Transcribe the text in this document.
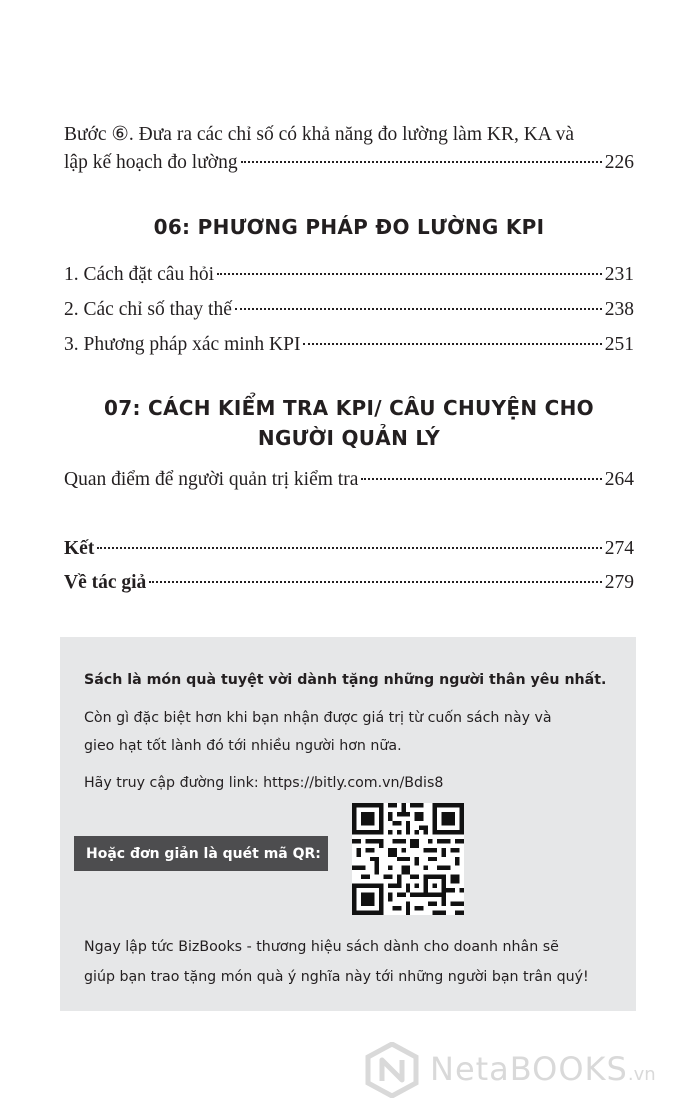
Bước ⑥. Đưa ra các chỉ số có khả năng đo lường làm KR, KA và
lập kế hoạch đo lường	226
06: PHƯƠNG PHÁP ĐO LƯỜNG KPI
1. Cách đặt câu hỏi	231
2. Các chỉ số thay thế	238
3. Phương pháp xác minh KPI	251
07: CÁCH KIỂM TRA KPI/ CÂU CHUYỆN CHO
NGƯỜI QUẢN LÝ
Quan điểm để người quản trị kiểm tra	264
Kết	274
Về tác giả	279

Sách là món quà tuyệt vời dành tặng những người thân yêu nhất.

Còn gì đặc biệt hơn khi bạn nhận được giá trị từ cuốn sách này và

gieo hạt tốt lành đó tới nhiều người hơn nữa.

Hãy truy cập đường link: https://bitly.com.vn/Bdis8

Hoặc đơn giản là quét mã QR:

Ngay lập tức BizBooks - thương hiệu sách dành cho doanh nhân sẽ

giúp bạn trao tặng món quà ý nghĩa này tới những người bạn trân quý!

NetaBOOKS.vn
